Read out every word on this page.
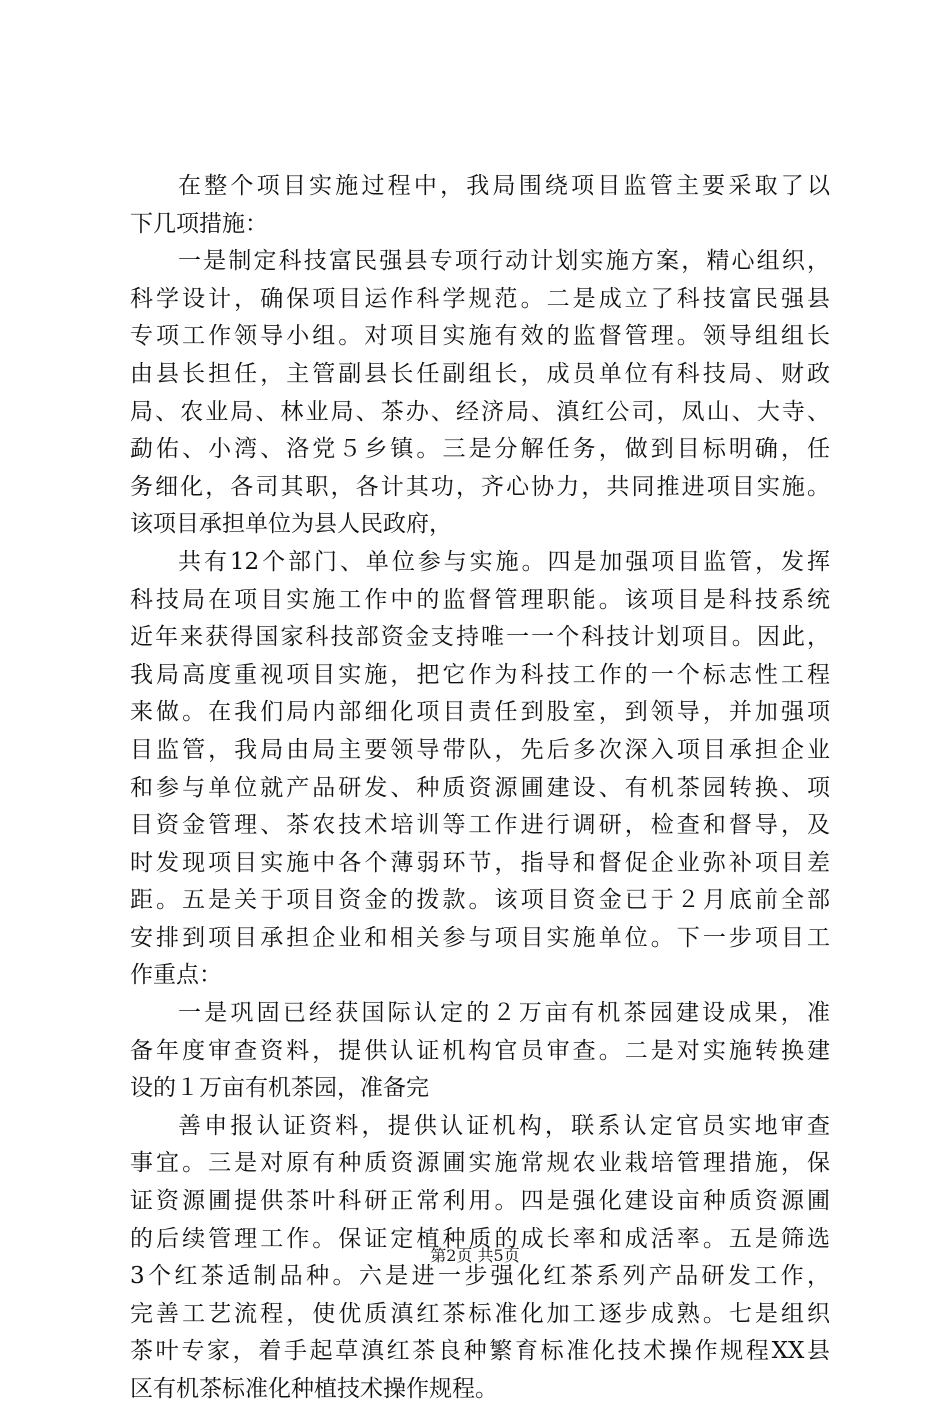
在整个项目实施过程中，我局围绕项目监管主要采取了以
下几项措施：
一是制定科技富民强县专项行动计划实施方案，精心组织，
科学设计，确保项目运作科学规范。二是成立了科技富民强县
专项工作领导小组。对项目实施有效的监督管理。领导组组长
由县长担任，主管副县长任副组长，成员单位有科技局、财政
局、农业局、林业局、茶办、经济局、滇红公司，凤山、大寺、
勐佑、小湾、洛党５乡镇。三是分解任务，做到目标明确，任
务细化，各司其职，各计其功，齐心协力，共同推进项目实施。
该项目承担单位为县人民政府，
共有12个部门、单位参与实施。四是加强项目监管，发挥
科技局在项目实施工作中的监督管理职能。该项目是科技系统
近年来获得国家科技部资金支持唯一一个科技计划项目。因此，
我局高度重视项目实施，把它作为科技工作的一个标志性工程
来做。在我们局内部细化项目责任到股室，到领导，并加强项
目监管，我局由局主要领导带队，先后多次深入项目承担企业
和参与单位就产品研发、种质资源圃建设、有机茶园转换、项
目资金管理、茶农技术培训等工作进行调研，检查和督导，及
时发现项目实施中各个薄弱环节，指导和督促企业弥补项目差
距。五是关于项目资金的拨款。该项目资金已于２月底前全部
安排到项目承担企业和相关参与项目实施单位。下一步项目工
作重点：
一是巩固已经获国际认定的２万亩有机茶园建设成果，准
备年度审查资料，提供认证机构官员审查。二是对实施转换建
设的１万亩有机茶园，准备完
善申报认证资料，提供认证机构，联系认定官员实地审查
事宜。三是对原有种质资源圃实施常规农业栽培管理措施，保
证资源圃提供茶叶科研正常利用。四是强化建设亩种质资源圃
的后续管理工作。保证定植种质的成长率和成活率。五是筛选
3个红茶适制品种。六是进一步强化红茶系列产品研发工作，
完善工艺流程，使优质滇红茶标准化加工逐步成熟。七是组织
茶叶专家，着手起草滇红茶良种繁育标准化技术操作规程XX县
区有机茶标准化种植技术操作规程。
第2页 共5页
